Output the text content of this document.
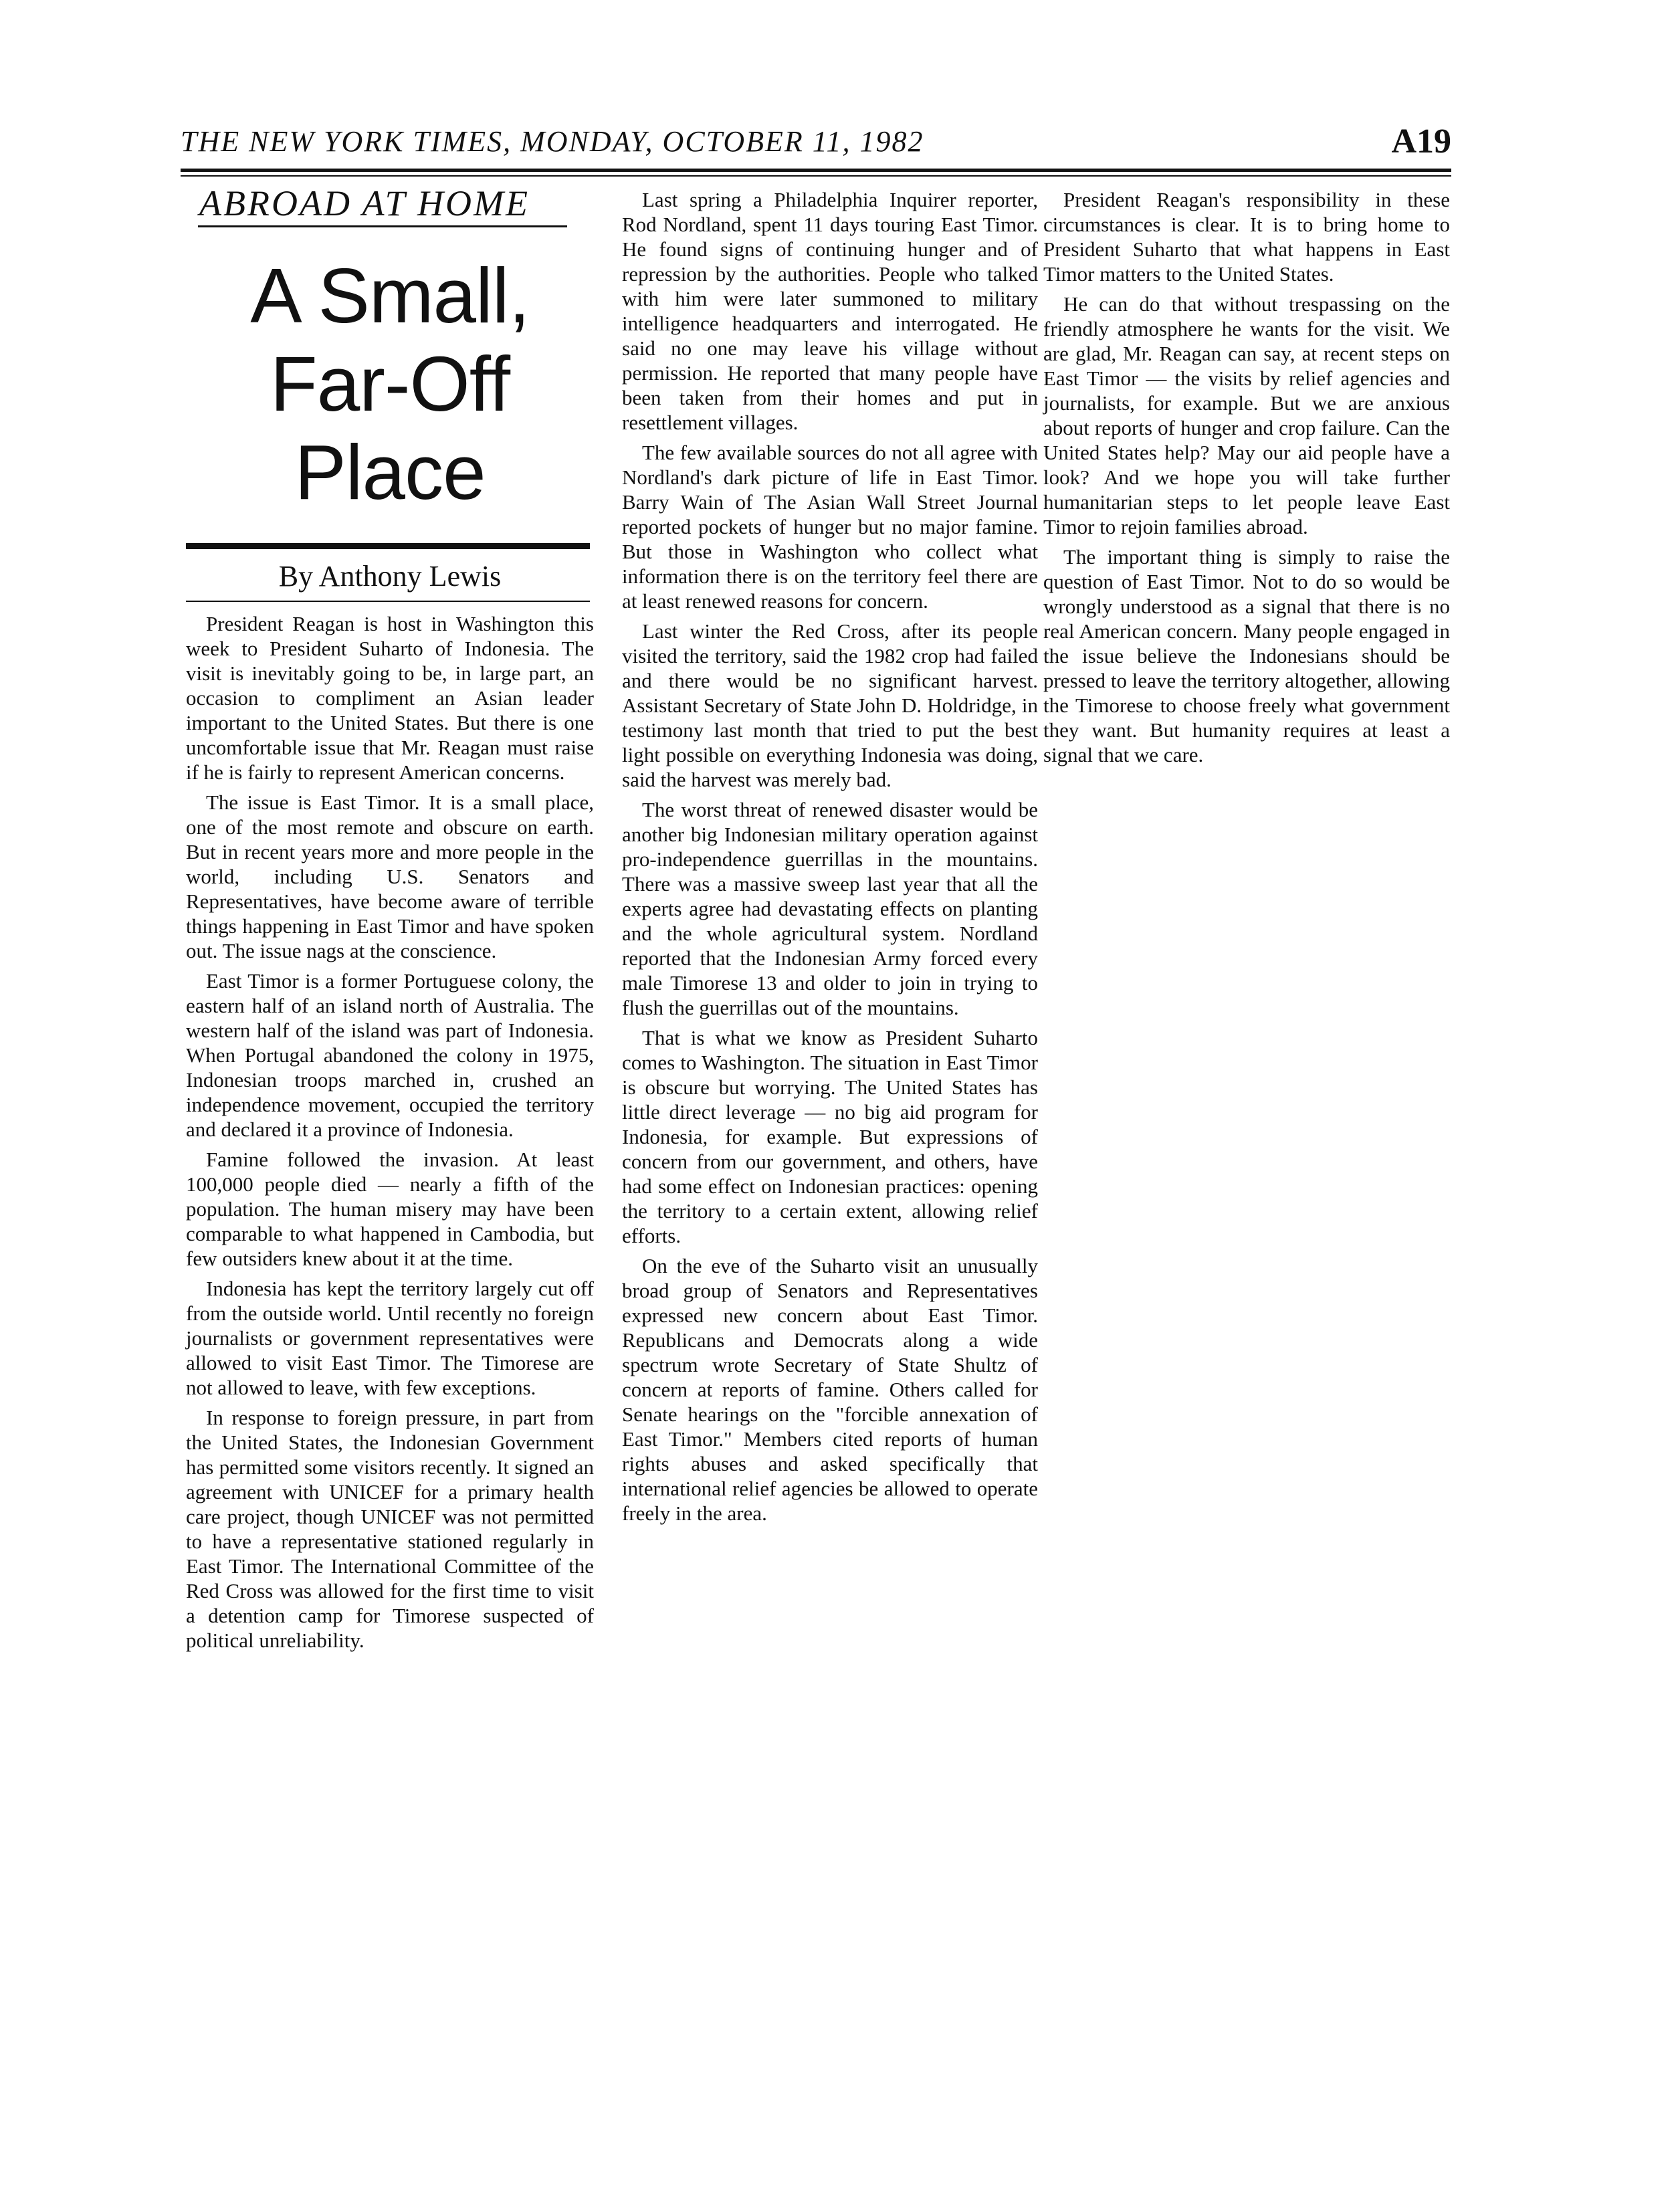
THE NEW YORK TIMES, MONDAY, OCTOBER 11, 1982	A19
ABROAD AT HOME
A Small, Far-Off Place
By Anthony Lewis

President Reagan is host in Washington this week to President Suharto of Indonesia. The visit is inevitably going to be, in large part, an occasion to compliment an Asian leader important to the United States. But there is one uncomfortable issue that Mr. Reagan must raise if he is fairly to represent American concerns.

The issue is East Timor. It is a small place, one of the most remote and obscure on earth. But in recent years more and more people in the world, including U.S. Senators and Representatives, have become aware of terrible things happening in East Timor and have spoken out. The issue nags at the conscience.

East Timor is a former Portuguese colony, the eastern half of an island north of Australia. The western half of the island was part of Indonesia. When Portugal abandoned the colony in 1975, Indonesian troops marched in, crushed an independence movement, occupied the territory and declared it a province of Indonesia.

Famine followed the invasion. At least 100,000 people died — nearly a fifth of the population. The human misery may have been comparable to what happened in Cambodia, but few outsiders knew about it at the time.

Indonesia has kept the territory largely cut off from the outside world. Until recently no foreign journalists or government representatives were allowed to visit East Timor. The Timorese are not allowed to leave, with few exceptions.

In response to foreign pressure, in part from the United States, the Indonesian Government has permitted some visitors recently. It signed an agreement with UNICEF for a primary health care project, though UNICEF was not permitted to have a representative stationed regularly in East Timor. The International Committee of the Red Cross was allowed for the first time to visit a detention camp for Timorese suspected of political unreliability.

Last spring a Philadelphia Inquirer reporter, Rod Nordland, spent 11 days touring East Timor. He found signs of continuing hunger and of repression by the authorities. People who talked with him were later summoned to military intelligence headquarters and interrogated. He said no one may leave his village without permission. He reported that many people have been taken from their homes and put in resettlement villages.

The few available sources do not all agree with Nordland's dark picture of life in East Timor. Barry Wain of The Asian Wall Street Journal reported pockets of hunger but no major famine. But those in Washington who collect what information there is on the territory feel there are at least renewed reasons for concern.

Last winter the Red Cross, after its people visited the territory, said the 1982 crop had failed and there would be no significant harvest. Assistant Secretary of State John D. Holdridge, in testimony last month that tried to put the best light possible on everything Indonesia was doing, said the harvest was merely bad.

The worst threat of renewed disaster would be another big Indonesian military operation against pro-independence guerrillas in the mountains. There was a massive sweep last year that all the experts agree had devastating effects on planting and the whole agricultural system. Nordland reported that the Indonesian Army forced every male Timorese 13 and older to join in trying to flush the guerrillas out of the mountains.

That is what we know as President Suharto comes to Washington. The situation in East Timor is obscure but worrying. The United States has little direct leverage — no big aid program for Indonesia, for example. But expressions of concern from our government, and others, have had some effect on Indonesian practices: opening the territory to a certain extent, allowing relief efforts.

On the eve of the Suharto visit an unusually broad group of Senators and Representatives expressed new concern about East Timor. Republicans and Democrats along a wide spectrum wrote Secretary of State Shultz of concern at reports of famine. Others called for Senate hearings on the "forcible annexation of East Timor." Members cited reports of human rights abuses and asked specifically that international relief agencies be allowed to operate freely in the area.

President Reagan's responsibility in these circumstances is clear. It is to bring home to President Suharto that what happens in East Timor matters to the United States.

He can do that without trespassing on the friendly atmosphere he wants for the visit. We are glad, Mr. Reagan can say, at recent steps on East Timor — the visits by relief agencies and journalists, for example. But we are anxious about reports of hunger and crop failure. Can the United States help? May our aid people have a look? And we hope you will take further humanitarian steps to let people leave East Timor to rejoin families abroad.

The important thing is simply to raise the question of East Timor. Not to do so would be wrongly understood as a signal that there is no real American concern. Many people engaged in the issue believe the Indonesians should be pressed to leave the territory altogether, allowing the Timorese to choose freely what government they want. But humanity requires at least a signal that we care.
